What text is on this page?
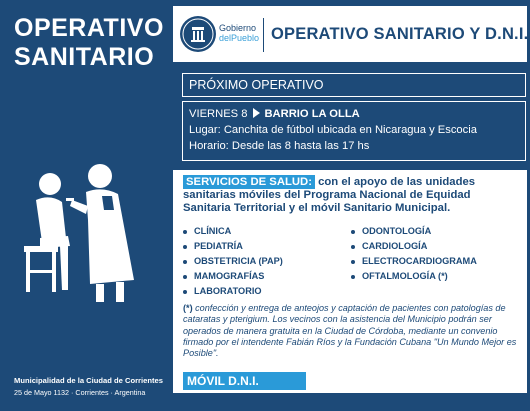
OPERATIVO
SANITARIO
Municipalidad de la Ciudad de Corrientes
25 de Mayo 1132 · Corrientes · Argentina
Gobierno
delPueblo OPERATIVO SANITARIO Y D.N.I.
PRÓXIMO OPERATIVO
VIERNES 8 BARRIO LA OLLA
Lugar: Canchita de fútbol ubicada en Nicaragua y Escocia
Horario: Desde las 8 hasta las 17 hs
SERVICIOS DE SALUD: con el apoyo de las unidades sanitarias móviles del Programa Nacional de Equidad Sanitaria Territorial y el móvil Sanitario Municipal.
CLÍNICA
PEDIATRÍA
OBSTETRICIA (PAP)
MAMOGRAFÍAS
LABORATORIO
ODONTOLOGÍA
CARDIOLOGÍA
ELECTROCARDIOGRAMA
OFTALMOLOGÍA (*)
(*) confección y entrega de anteojos y captación de pacientes con patologías de cataratas y pterigium. Los vecinos con la asistencia del Municipio podrán ser operados de manera gratuita en la Ciudad de Córdoba, mediante un convenio firmado por el intendente Fabián Ríos y la Fundación Cubana "Un Mundo Mejor es Posible".
MÓVIL D.N.I.
